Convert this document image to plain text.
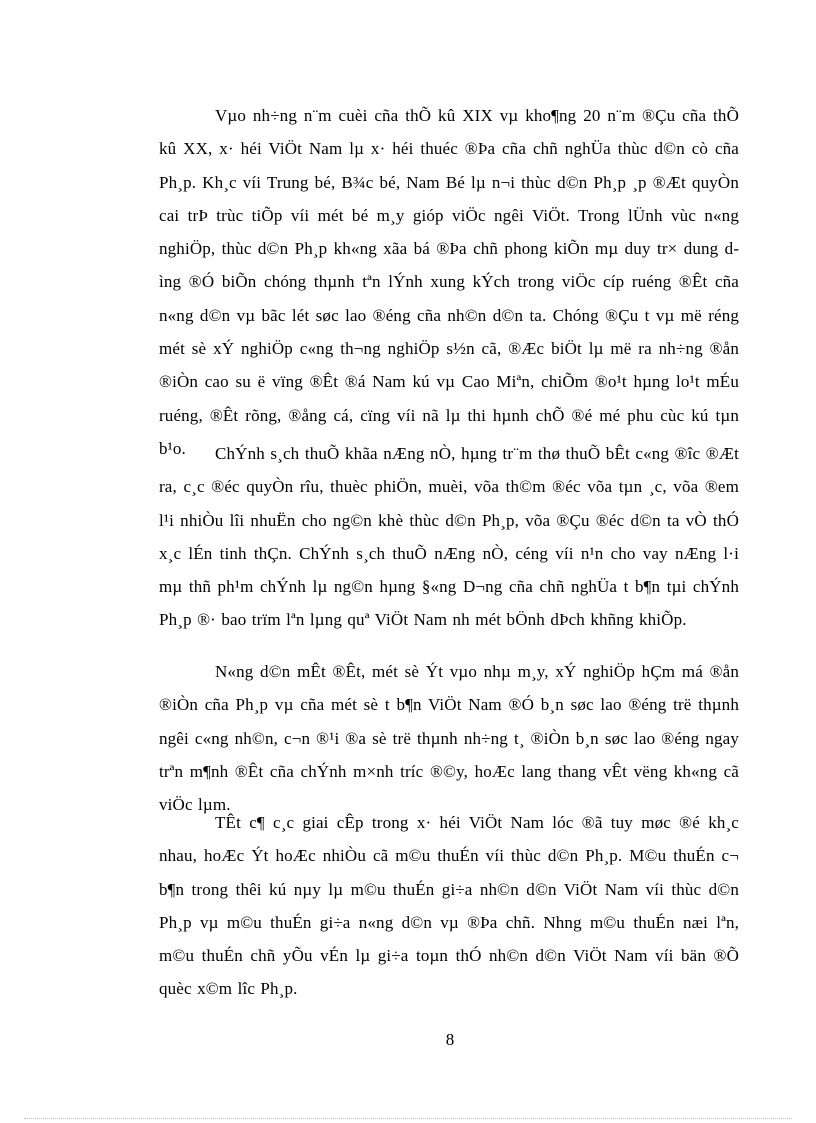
Vµo nh÷ng n¨m cuèi cña thÕ kû XIX vµ kho¶ng 20 n¨m ®Çu cña thÕ kû XX, x· héi ViÖt Nam lµ x· héi thuéc ®Þa cña chñ nghÜa thùc d©n cò cña Ph¸p. Kh¸c víi Trung bé, B¾c bé, Nam Bé lµ n¬i thùc d©n Ph¸p ¸p ®Æt quyÒn cai trÞ trùc tiÕp víi mét bé m¸y gióp viÖc ngêi ViÖt. Trong lÜnh vùc n«ng nghiÖp, thùc d©n Ph¸p kh«ng xãa bá ®Þa chñ phong kiÕn mµ duy tr× dung dìng ®Ó biÕn chóng thµnh tªn lÝnh xung kÝch trong viÖc cíp ruéng ®Êt cña n«ng d©n vµ bãc lét søc lao ®éng cña nh©n d©n ta. Chóng ®Çu t vµ më réng mét sè xÝ nghiÖp c«ng th¬ng nghiÖp s½n cã, ®Æc biÖt lµ më ra nh÷ng ®ån ®iÒn cao su ë vïng ®Êt ®á Nam kú vµ Cao Miªn, chiÕm ®o¹t hµng lo¹t mÉu ruéng, ®Êt rõng, ®ång cá, cïng víi nã lµ thi hµnh chÕ ®é mé phu cùc kú tµn b¹o.	ChÝnh s¸ch thuÕ khãa nÆng nÒ, hµng tr¨m thø thuÕ bÊt c«ng ®îc ®Æt ra, c¸c ®éc quyÒn rîu, thuèc phiÖn, muèi, võa th©m ®éc võa tµn ¸c, võa ®em l¹i nhiÒu lîi nhuËn cho ng©n khè thùc d©n Ph¸p, võa ®Çu ®éc d©n ta vÒ thÓ x¸c lÉn tinh thÇn. ChÝnh s¸ch thuÕ nÆng nÒ, céng víi n¹n cho vay nÆng l·i mµ thñ ph¹m chÝnh lµ ng©n hµng §«ng D¬ng cña chñ nghÜa t b¶n tµi chÝnh Ph¸p ®· bao trïm lªn lµng quª ViÖt Nam nh mét bÖnh dÞch khñng khiÕp.

N«ng d©n mÊt ®Êt, mét sè Ýt vµo nhµ m¸y, xÝ nghiÖp hÇm má ®ån ®iÒn cña Ph¸p vµ cña mét sè t b¶n ViÖt Nam ®Ó b¸n søc lao ®éng trë thµnh ngêi c«ng nh©n, c¬n ®¹i ®a sè trë thµnh nh÷ng t¸ ®iÒn b¸n søc lao ®éng ngay trªn m¶nh ®Êt cña chÝnh m×nh tríc ®©y, hoÆc lang thang vÊt vëng kh«ng cã viÖc lµm.

TÊt c¶ c¸c giai cÊp trong x· héi ViÖt Nam lóc ®ã tuy møc ®é kh¸c nhau, hoÆc Ýt hoÆc nhiÒu cã m©u thuÉn víi thùc d©n Ph¸p. M©u thuÉn c¬ b¶n trong thêi kú nµy lµ m©u thuÉn gi÷a nh©n d©n ViÖt Nam víi thùc d©n Ph¸p vµ m©u thuÉn gi÷a n«ng d©n vµ ®Þa chñ. Nhng m©u thuÉn næi lªn, m©u thuÉn chñ yÕu vÉn lµ gi÷a toµn thÓ nh©n d©n ViÖt Nam víi bän ®Õ quèc x©m lîc Ph¸p.

8
